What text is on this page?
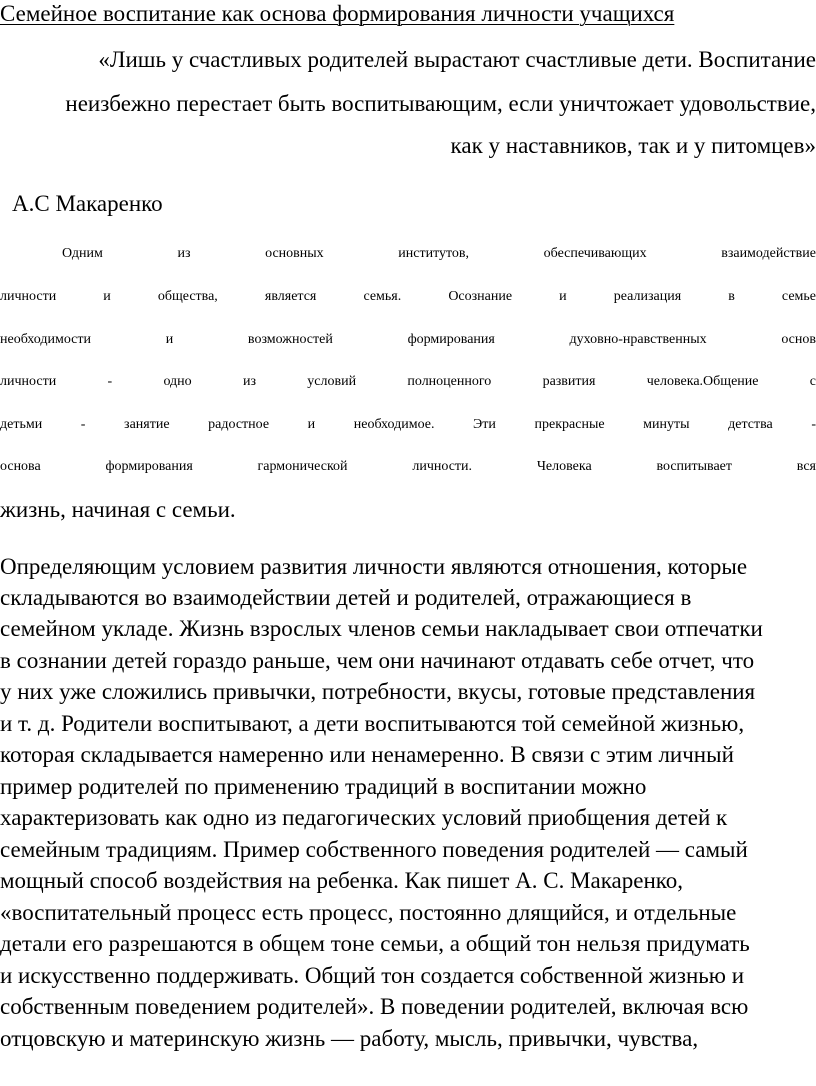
Семейное воспитание как основа формирования личности учащихся
«Лишь у счастливых родителей вырастают счастливые дети. Воспитание
неизбежно перестает быть воспитывающим, если уничтожает удовольствие,
как у наставников, так и у питомцев»
А.С Макаренко
Одним из основных институтов, обеспечивающих взаимодействие
личности и общества, является семья. Осознание и реализация в семье
необходимости и возможностей формирования духовно-нравственных основ
личности - одно из условий полноценного развития человека.Общение с
детьми - занятие радостное и необходимое. Эти прекрасные минуты детства -
основа формирования гармонической личности. Человека воспитывает вся
жизнь, начиная с семьи.
Определяющим условием развития личности являются отношения, которые
складываются во взаимодействии детей и родителей, отражающиеся в
семейном укладе. Жизнь взрослых членов семьи накладывает свои отпечатки
в сознании детей гораздо раньше, чем они начинают отдавать себе отчет, что
у них уже сложились привычки, потребности, вкусы, готовые представления
и т. д. Родители воспитывают, а дети воспитываются той семейной жизнью,
которая складывается намеренно или ненамеренно. В связи с этим личный
пример родителей по применению традиций в воспитании можно
характеризовать как одно из педагогических условий приобщения детей к
семейным традициям. Пример собственного поведения родителей — самый
мощный способ воздействия на ребенка. Как пишет А. С. Макаренко,
«воспитательный процесс есть процесс, постоянно длящийся, и отдельные
детали его разрешаются в общем тоне семьи, а общий тон нельзя придумать
и искусственно поддерживать. Общий тон создается собственной жизнью и
собственным поведением родителей». В поведении родителей, включая всю
отцовскую и материнскую жизнь — работу, мысль, привычки, чувства,
